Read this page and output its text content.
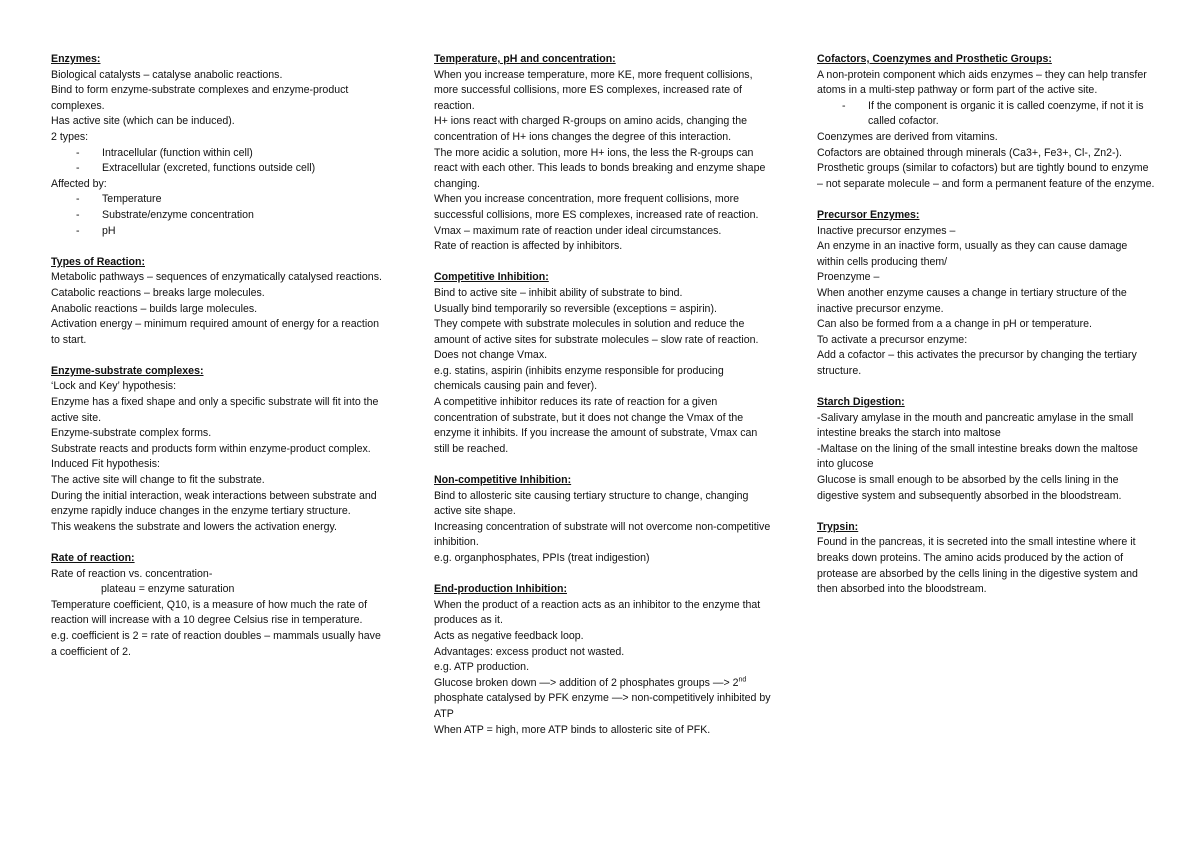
Enzymes:

Biological catalysts – catalyse anabolic reactions.

Bind to form enzyme-substrate complexes and enzyme-product complexes.

Has active site (which can be induced).

2 types:

- Intracellular (function within cell)
- Extracellular (excreted, functions outside cell)

Affected by:

- Temperature
- Substrate/enzyme concentration
- pH
Types of Reaction:

Metabolic pathways – sequences of enzymatically catalysed reactions.

Catabolic reactions – breaks large molecules.

Anabolic reactions – builds large molecules.

Activation energy – minimum required amount of energy for a reaction to start.

Enzyme-substrate complexes:

‘Lock and Key’ hypothesis:

Enzyme has a fixed shape and only a specific substrate will fit into the active site.

Enzyme-substrate complex forms.

Substrate reacts and products form within enzyme-product complex.

Induced Fit hypothesis:

The active site will change to fit the substrate.

During the initial interaction, weak interactions between substrate and enzyme rapidly induce changes in the enzyme tertiary structure.

This weakens the substrate and lowers the activation energy.

Rate of reaction:

Rate of reaction vs. concentration-

plateau = enzyme saturation

Temperature coefficient, Q10, is a measure of how much the rate of reaction will increase with a 10 degree Celsius rise in temperature.

e.g. coefficient is 2 = rate of reaction doubles – mammals usually have a coefficient of 2.

Temperature, pH and concentration:

When you increase temperature, more KE, more frequent collisions, more successful collisions, more ES complexes, increased rate of reaction.

H+ ions react with charged R-groups on amino acids, changing the concentration of H+ ions changes the degree of this interaction.

The more acidic a solution, more H+ ions, the less the R-groups can react with each other. This leads to bonds breaking and enzyme shape changing.

When you increase concentration, more frequent collisions, more successful collisions, more ES complexes, increased rate of reaction.

Vmax – maximum rate of reaction under ideal circumstances.

Rate of reaction is affected by inhibitors.

Competitive Inhibition:

Bind to active site – inhibit ability of substrate to bind.

Usually bind temporarily so reversible (exceptions = aspirin).

They compete with substrate molecules in solution and reduce the amount of active sites for substrate molecules – slow rate of reaction.

Does not change Vmax.

e.g. statins, aspirin (inhibits enzyme responsible for producing chemicals causing pain and fever).

A competitive inhibitor reduces its rate of reaction for a given concentration of substrate, but it does not change the Vmax of the enzyme it inhibits. If you increase the amount of substrate, Vmax can still be reached.

Non-competitive Inhibition:

Bind to allosteric site causing tertiary structure to change, changing active site shape.

Increasing concentration of substrate will not overcome non-competitive inhibition.

e.g. organphosphates, PPIs (treat indigestion)

End-production Inhibition:

When the product of a reaction acts as an inhibitor to the enzyme that produces as it.

Acts as negative feedback loop.

Advantages: excess product not wasted.

e.g. ATP production.

Glucose broken down —> addition of 2 phosphates groups —> 2nd phosphate catalysed by PFK enzyme —> non-competitively inhibited by ATP

When ATP = high, more ATP binds to allosteric site of PFK.

Cofactors, Coenzymes and Prosthetic Groups:

A non-protein component which aids enzymes – they can help transfer atoms in a multi-step pathway or form part of the active site.

- If the component is organic it is called coenzyme, if not it is called cofactor.

Coenzymes are derived from vitamins.

Cofactors are obtained through minerals (Ca3+, Fe3+, Cl-, Zn2-).

Prosthetic groups (similar to cofactors) but are tightly bound to enzyme – not separate molecule – and form a permanent feature of the enzyme.

Precursor Enzymes:

Inactive precursor enzymes –

An enzyme in an inactive form, usually as they can cause damage within cells producing them/

Proenzyme –

When another enzyme causes a change in tertiary structure of the inactive precursor enzyme.

Can also be formed from a a change in pH or temperature.

To activate a precursor enzyme:

Add a cofactor – this activates the precursor by changing the tertiary structure.

Starch Digestion:

-Salivary amylase in the mouth and pancreatic amylase in the small intestine breaks the starch into maltose

-Maltase on the lining of the small intestine breaks down the maltose into glucose

Glucose is small enough to be absorbed by the cells lining in the digestive system and subsequently absorbed in the bloodstream.

Trypsin:

Found in the pancreas, it is secreted into the small intestine where it breaks down proteins. The amino acids produced by the action of protease are absorbed by the cells lining in the digestive system and then absorbed into the bloodstream.
